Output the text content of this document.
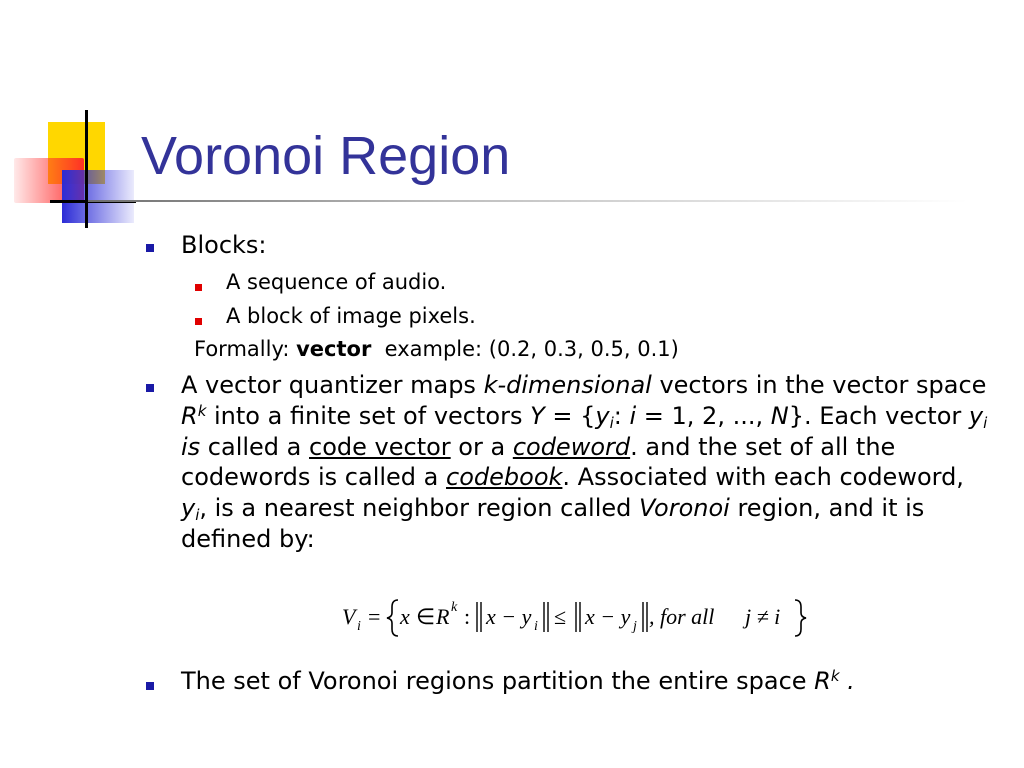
Voronoi Region
Blocks:
A sequence of audio.
A block of image pixels.
Formally: vector example: (0.2, 0.3, 0.5, 0.1)
A vector quantizer maps k-dimensional vectors in the vector space $R^k$ into a finite set of vectors $Y = \{y_i$: i = 1, 2, ..., N}. Each vector $y_i$ is called a code vector or a codeword. and the set of all the codewords is called a codebook. Associated with each codeword, $y_i$, is a nearest neighbor region called Voronoi region, and it is defined by:
V i = x ∈ R k : x − y i ≤ x − y j , for all j ≠ i
The set of Voronoi regions partition the entire space $R^k$ .
